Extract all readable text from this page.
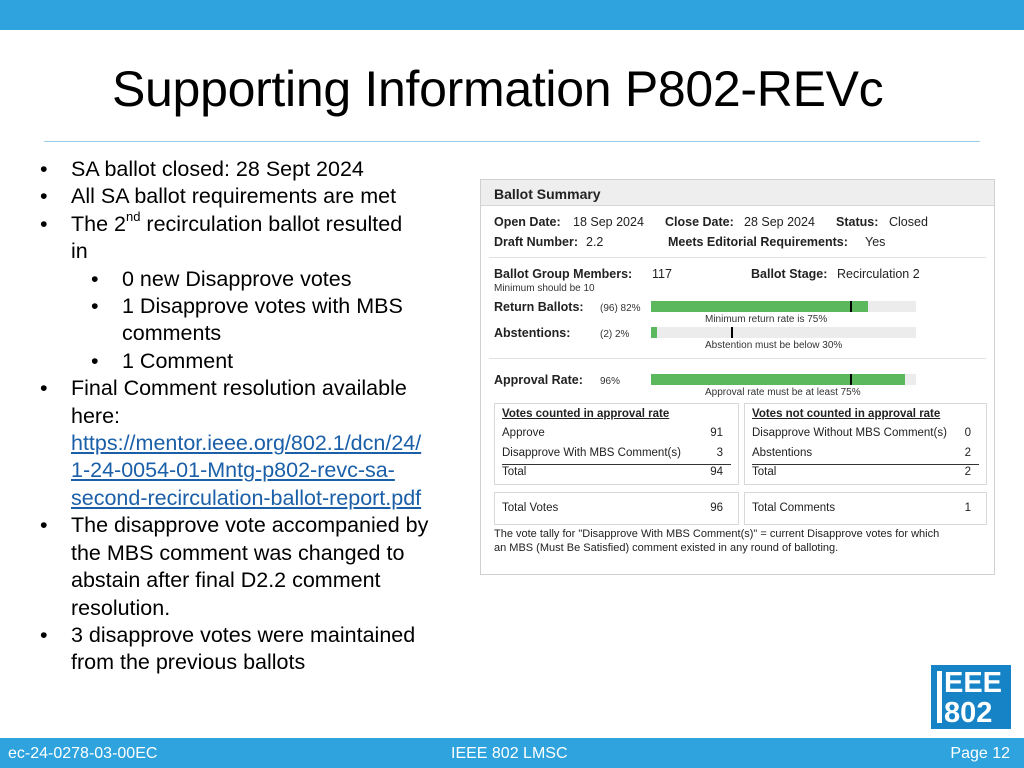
Supporting Information P802-REVc
• SA ballot closed: 28 Sept 2024
• All SA ballot requirements are met
• The 2nd recirculation ballot resulted
in
• 0 new Disapprove votes
• 1 Disapprove votes with MBS
comments
• 1 Comment
• Final Comment resolution available
here:
https://mentor.ieee.org/802.1/dcn/24/
1-24-0054-01-Mntg-p802-revc-sa-
second-recirculation-ballot-report.pdf
• The disapprove vote accompanied by
the MBS comment was changed to
abstain after final D2.2 comment
resolution.
• 3 disapprove votes were maintained
from the previous ballots
Ballot Summary
Open Date: 18 Sep 2024 Close Date: 28 Sep 2024 Status: Closed
Draft Number: 2.2	Meets Editorial Requirements: Yes
Ballot Group Members: 117
Minimum should be 10
Ballot Stage: Recirculation 2
Return Ballots: (96) 82%
Minimum return rate is 75%
Abstentions:	(2) 2%
Abstention must be below 30%
Approval Rate: 96%
Approval rate must be at least 75%
Votes counted in approval rate
Approve	91
Disapprove With MBS Comment(s)	3
Total	94
Votes not counted in approval rate
Disapprove Without MBS Comment(s) 0
Abstentions	2
Total	2
Total Votes	96	Total Comments	1
The vote tally for "Disapprove With MBS Comment(s)" = current Disapprove votes for which
an MBS (Must Be Satisfied) comment existed in any round of balloting.
EEE
802
ec-24-0278-03-00EC	IEEE 802 LMSC	Page 12
